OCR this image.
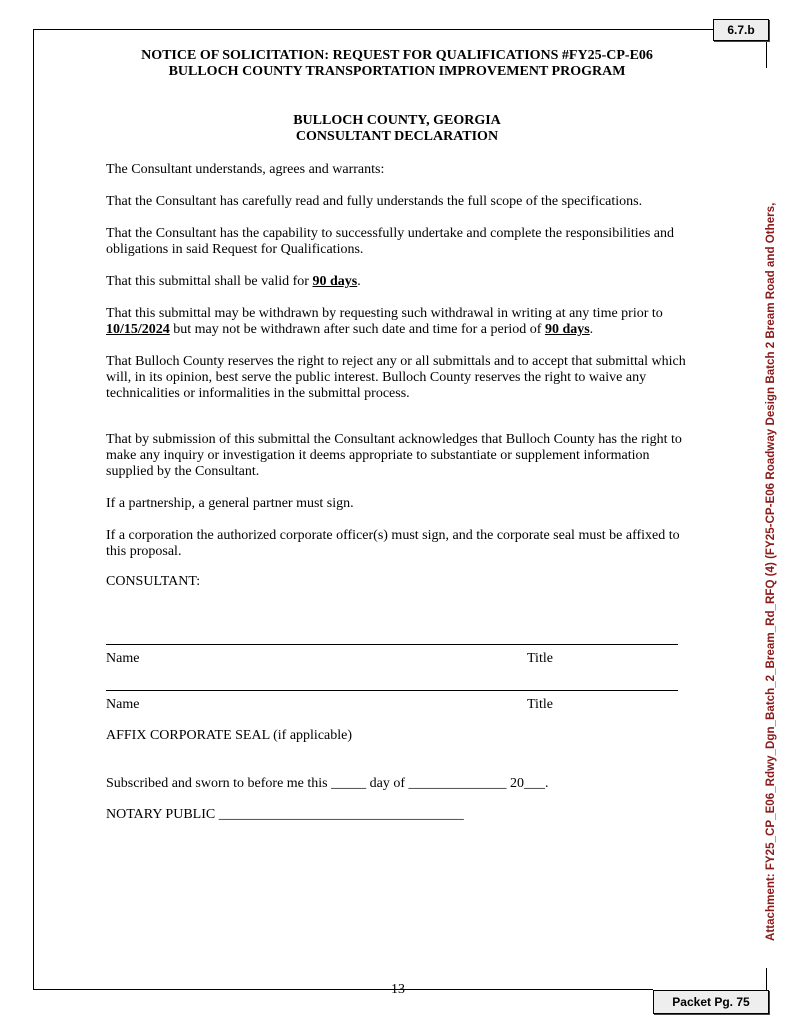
6.7.b
Packet Pg. 75
Attachment: FY25_CP_E06_Rdwy_Dgn_Batch_2_Bream_Rd_RFQ (4) (FY25-CP-E06 Roadway Design Batch 2 Bream Road and Others,

NOTICE OF SOLICITATION: REQUEST FOR QUALIFICATIONS #FY25-CP-E06

BULLOCH COUNTY TRANSPORTATION IMPROVEMENT PROGRAM

BULLOCH COUNTY, GEORGIA

CONSULTANT DECLARATION

The Consultant understands, agrees and warrants:

That the Consultant has carefully read and fully understands the full scope of the specifications.

That the Consultant has the capability to successfully undertake and complete the responsibilities and obligations in said Request for Qualifications.

That this submittal shall be valid for 90 days.

That this submittal may be withdrawn by requesting such withdrawal in writing at any time prior to 10/15/2024 but may not be withdrawn after such date and time for a period of 90 days.

That Bulloch County reserves the right to reject any or all submittals and to accept that submittal which will, in its opinion, best serve the public interest. Bulloch County reserves the right to waive any technicalities or informalities in the submittal process.

That by submission of this submittal the Consultant acknowledges that Bulloch County has the right to make any inquiry or investigation it deems appropriate to substantiate or supplement information supplied by the Consultant.

If a partnership, a general partner must sign.

If a corporation the authorized corporate officer(s) must sign, and the corporate seal must be affixed to this proposal.

CONSULTANT:

Name	Title
Name	Title

AFFIX CORPORATE SEAL (if applicable)

Subscribed and sworn to before me this _____ day of ______________ 20___.

NOTARY PUBLIC ___________________________________

13
